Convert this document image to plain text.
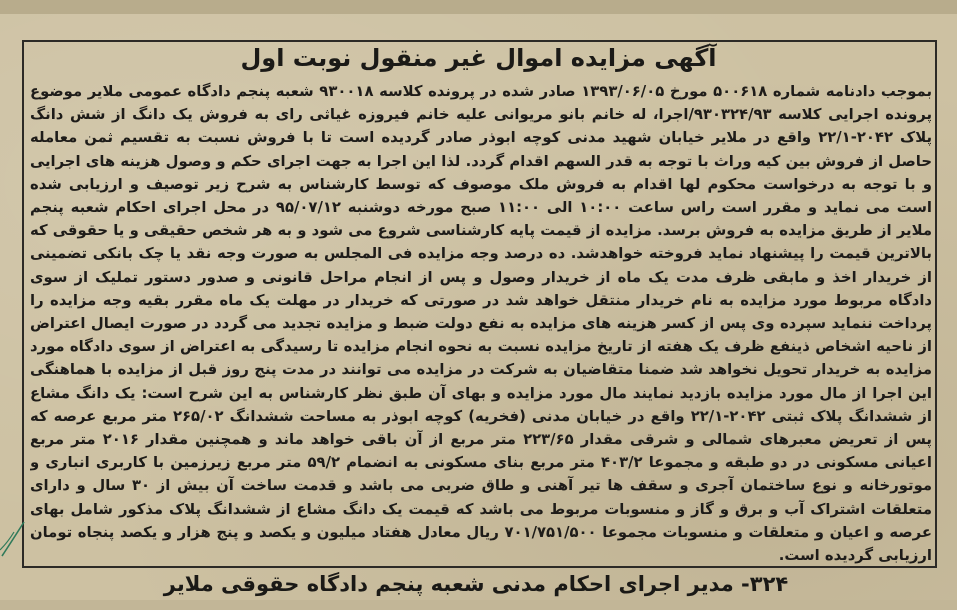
آگهی مزایده اموال غیر منقول نوبت اول
بموجب دادنامه شماره ۵۰۰۶۱۸ مورخ ۱۳۹۳/۰۶/۰۵ صادر شده در پرونده کلاسه ۹۳۰۰۱۸ شعبه پنجم دادگاه عمومی ملایر موضوع پرونده اجرایی کلاسه ۹۳۰۳۲۴/۹۳/اجرا، له خانم بانو مریوانی علیه خانم فیروزه غیاثی رای به فروش یک دانگ از شش دانگ پلاک ۲۰۴۲-۲۲/۱ واقع در ملایر خیابان شهید مدنی کوچه ابوذر صادر گردیده است تا با فروش نسبت به تقسیم ثمن معامله حاصل از فروش بین کیه وراث با توجه به قدر السهم اقدام گردد. لذا این اجرا به جهت اجرای حکم و وصول هزینه های اجرایی و با توجه به درخواست محکوم لها اقدام به فروش ملک موصوف که توسط کارشناس به شرح زیر توصیف و ارزیابی شده است می نماید و مقرر است راس ساعت ۱۰:۰۰ الی ۱۱:۰۰ صبح مورخه دوشنبه ۹۵/۰۷/۱۲ در محل اجرای احکام شعبه پنجم ملایر از طریق مزایده به فروش برسد. مزایده از قیمت پایه کارشناسی شروع می شود و به هر شخص حقیقی و یا حقوقی که بالاترین قیمت را پیشنهاد نماید فروخته خواهدشد. ده درصد وجه مزایده فی المجلس به صورت وجه نقد یا چک بانکی تضمینی از خریدار اخذ و مابقی ظرف مدت یک ماه از خریدار وصول و پس از انجام مراحل قانونی و صدور دستور تملیک از سوی دادگاه مربوط مورد مزایده به نام خریدار منتقل خواهد شد در صورتی که خریدار در مهلت یک ماه مقرر بقیه وجه مزایده را پرداخت ننماید سپرده وی پس از کسر هزینه های مزایده به نفع دولت ضبط و مزایده تجدید می گردد در صورت ایصال اعتراض از ناحیه اشخاص ذینفع ظرف یک هفته از تاریخ مزایده نسبت به نحوه انجام مزایده تا رسیدگی به اعتراض از سوی دادگاه مورد مزایده به خریدار تحویل نخواهد شد ضمنا متقاضیان به شرکت در مزایده می توانند در مدت پنج روز قبل از مزایده با هماهنگی این اجرا از مال مورد مزایده بازدید نمایند مال مورد مزایده و بهای آن طبق نظر کارشناس به این شرح است: یک دانگ مشاع از ششدانگ پلاک ثبتی ۲۰۴۲-۲۲/۱ واقع در خیابان مدنی (فخریه) کوچه ابوذر به مساحت ششدانگ ۲۶۵/۰۲ متر مربع عرصه که پس از تعریض معبرهای شمالی و شرقی مقدار ۲۲۳/۶۵ متر مربع از آن باقی خواهد ماند و همچنین مقدار ۲۰۱۶ متر مربع اعیانی مسکونی در دو طبقه و مجموعا ۴۰۳/۲ متر مربع بنای مسکونی به انضمام ۵۹/۲ متر مربع زیرزمین با کاربری انباری و موتورخانه و نوع ساختمان آجری و سقف ها تیر آهنی و طاق ضربی می باشد و قدمت ساخت آن بیش از ۳۰ سال و دارای متعلقات اشتراک آب و برق و گاز و منسوبات مربوط می باشد که قیمت یک دانگ مشاع از ششدانگ پلاک مذکور شامل بهای عرصه و اعیان و متعلقات و منسوبات مجموعا ۷۰۱/۷۵۱/۵۰۰ ریال معادل هفتاد میلیون و یکصد و پنج هزار و یکصد پنجاه تومان ارزیابی گردیده است.
۳۲۴- مدیر اجرای احکام مدنی شعبه پنجم دادگاه حقوقی ملایر
